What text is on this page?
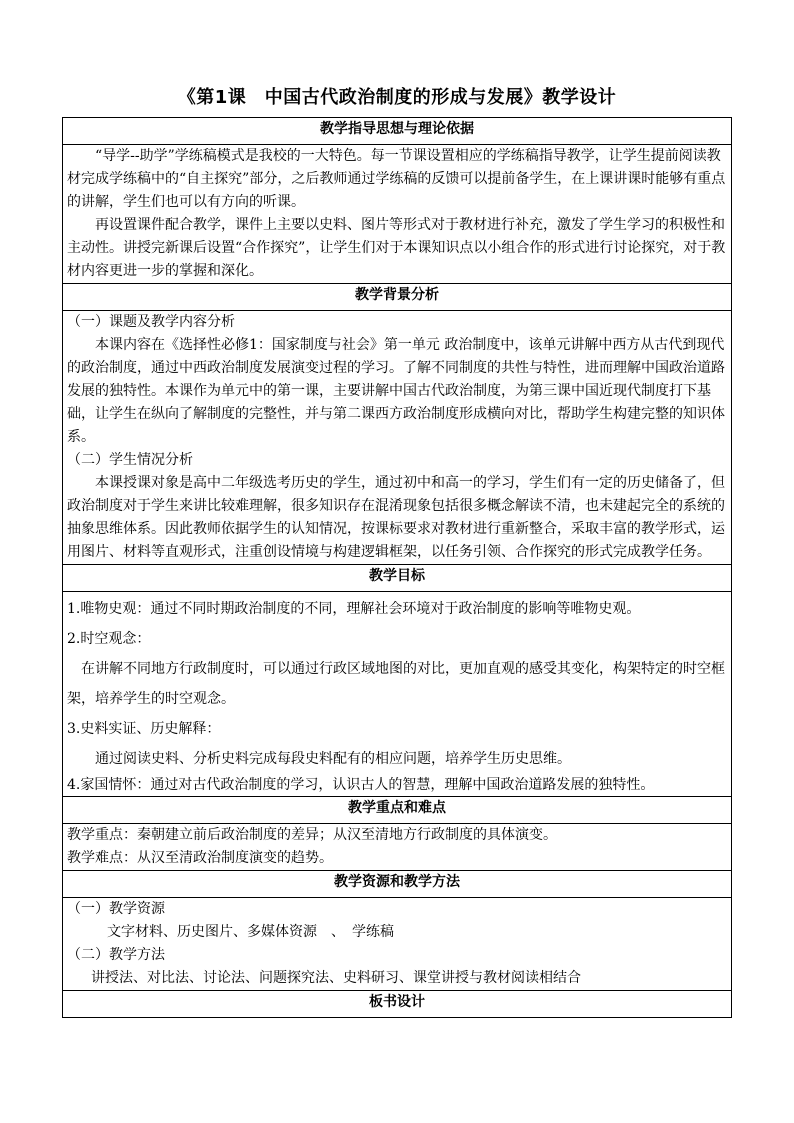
《第1课　中国古代政治制度的形成与发展》教学设计
教学指导思想与理论依据

“导学--助学”学练稿模式是我校的一大特色。每一节课设置相应的学练稿指导教学，让学生提前阅读教材完成学练稿中的“自主探究”部分，之后教师通过学练稿的反馈可以提前备学生，在上课讲课时能够有重点的讲解，学生们也可以有方向的听课。

再设置课件配合教学，课件上主要以史料、图片等形式对于教材进行补充，激发了学生学习的积极性和主动性。讲授完新课后设置“合作探究”，让学生们对于本课知识点以小组合作的形式进行讨论探究，对于教材内容更进一步的掌握和深化。

教学背景分析

（一）课题及教学内容分析

本课内容在《选择性必修1：国家制度与社会》第一单元 政治制度中，该单元讲解中西方从古代到现代的政治制度，通过中西政治制度发展演变过程的学习。了解不同制度的共性与特性，进而理解中国政治道路发展的独特性。本课作为单元中的第一课，主要讲解中国古代政治制度，为第三课中国近现代制度打下基础，让学生在纵向了解制度的完整性，并与第二课西方政治制度形成横向对比，帮助学生构建完整的知识体系。

（二）学生情况分析

本课授课对象是高中二年级选考历史的学生，通过初中和高一的学习，学生们有一定的历史储备了，但政治制度对于学生来讲比较难理解，很多知识存在混淆现象包括很多概念解读不清，也未建起完全的系统的抽象思维体系。因此教师依据学生的认知情况，按课标要求对教材进行重新整合，采取丰富的教学形式，运用图片、材料等直观形式，注重创设情境与构建逻辑框架，以任务引领、合作探究的形式完成教学任务。

教学目标

1.唯物史观：通过不同时期政治制度的不同，理解社会环境对于政治制度的影响等唯物史观。

2.时空观念：

在讲解不同地方行政制度时，可以通过行政区域地图的对比，更加直观的感受其变化，构架特定的时空框架，培养学生的时空观念。

3.史料实证、历史解释：

通过阅读史料、分析史料完成每段史料配有的相应问题，培养学生历史思维。

4.家国情怀：通过对古代政治制度的学习，认识古人的智慧，理解中国政治道路发展的独特性。

教学重点和难点

教学重点：秦朝建立前后政治制度的差异；从汉至清地方行政制度的具体演变。

教学难点：从汉至清政治制度演变的趋势。

教学资源和教学方法

（一）教学资源

文字材料、历史图片、多媒体资源　、　学练稿

（二）教学方法

讲授法、对比法、讨论法、问题探究法、史料研习、课堂讲授与教材阅读相结合

板书设计
